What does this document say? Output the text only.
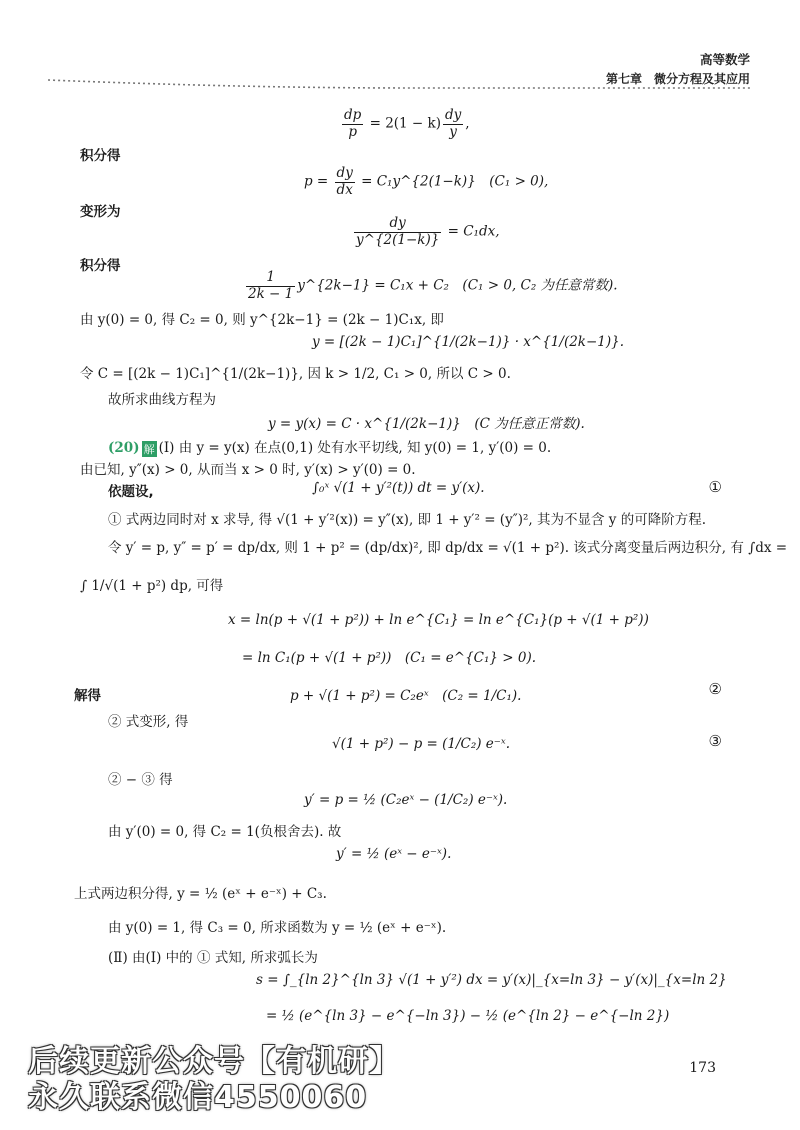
高等数学
第七章　微分方程及其应用
$\frac{dp}{p} = 2(1 - k) \frac{dy}{y}$ ,
积分得
$p = \frac{dy}{dx}$ = C₁y^{2(1−k)}　(C₁ > 0),
变形为
$\frac{dy}{y\^{}\{2(1-k)\}} = C_1dx$,
积分得
$\frac{1}{2k - 1}$ y^{2k−1} = C₁x + C₂　(C₁ > 0, C₂ 为任意常数).
由 y(0) = 0, 得 C₂ = 0, 则 y^{2k−1} = (2k − 1)C₁x, 即
y = [(2k − 1)C₁]^{1/(2k−1)} · x^{1/(2k−1)}.
令 C = [(2k − 1)C₁]^{1/(2k−1)}, 因 k > 1/2, C₁ > 0, 所以 C > 0.
故所求曲线方程为
y = y(x) = C · x^{1/(2k−1)}　(C 为任意正常数).
(20) 解 (Ⅰ) 由 y = y(x) 在点(0,1) 处有水平切线, 知 y(0) = 1, y′(0) = 0.
由已知, y″(x) > 0, 从而当 x > 0 时, y′(x) > y′(0) = 0.
依题设,	∫₀ˣ √(1 + y′²(t)) dt = y′(x).	①
① 式两边同时对 x 求导, 得 √(1 + y′²(x)) = y″(x), 即 1 + y′² = (y″)², 其为不显含 y 的可降阶方程.
令 y′ = p, y″ = p′ = dp/dx, 则 1 + p² = (dp/dx)², 即 dp/dx = √(1 + p²). 该式分离变量后两边积分, 有 ∫dx =
∫ 1/√(1 + p²) dp, 可得
x = ln(p + √(1 + p²)) + ln e^{C₁} = ln e^{C₁}(p + √(1 + p²))
= ln C₁(p + √(1 + p²))　(C₁ = e^{C₁} > 0).
解得	p + √(1 + p²) = C₂eˣ　(C₂ = 1/C₁).	②
② 式变形, 得
√(1 + p²) − p = (1/C₂) e⁻ˣ.	③
② − ③ 得
y′ = p = ½ (C₂eˣ − (1/C₂) e⁻ˣ).
由 y′(0) = 0, 得 C₂ = 1(负根舍去). 故
y′ = ½ (eˣ − e⁻ˣ).
上式两边积分得, y = ½ (eˣ + e⁻ˣ) + C₃.
由 y(0) = 1, 得 C₃ = 0, 所求函数为 y = ½ (eˣ + e⁻ˣ).
(Ⅱ) 由(Ⅰ) 中的 ① 式知, 所求弧长为
s = ∫_{ln 2}^{ln 3} √(1 + y′²) dx = y′(x)|_{x=ln 3} − y′(x)|_{x=ln 2}
= ½ (e^{ln 3} − e^{−ln 3}) − ½ (e^{ln 2} − e^{−ln 2})
173
后续更新公众号【有机研】
永久联系微信4550060
